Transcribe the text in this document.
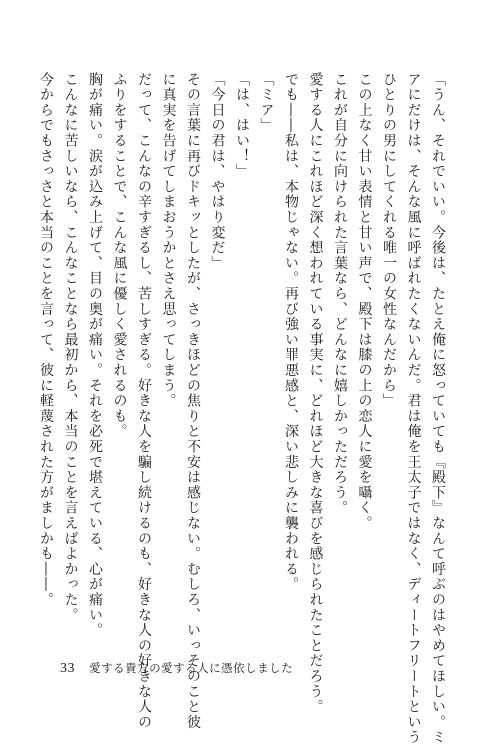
「うん、それでいい。今後は、たとえ俺に怒っていても『殿下』なんて呼ぶのはやめてほしい。ミ
アにだけは、そんな風に呼ばれたくないんだ。君は俺を王太子ではなく、ディートフリートという
ひとりの男にしてくれる唯一の女性なんだから」
この上なく甘い表情と甘い声で、殿下は膝の上の恋人に愛を囁く。
これが自分に向けられた言葉なら、どんなに嬉しかっただろう。
愛する人にこれほど深く想われている事実に、どれほど大きな喜びを感じられたことだろう。
でも――私は、本物じゃない。再び強い罪悪感と、深い悲しみに襲われる。
「ミア」
「は、はい！」
「今日の君は、やはり変だ」
その言葉に再びドキッとしたが、さっきほどの焦りと不安は感じない。むしろ、いっそのこと彼
に真実を告げてしまおうかとさえ思ってしまう。
だって、こんなの辛すぎるし、苦しすぎる。好きな人を騙し続けるのも、好きな人の好きな人の
ふりをすることで、こんな風に優しく愛されるのも。
胸が痛い。涙が込み上げて、目の奥が痛い。それを必死で堪えている、心が痛い。
こんなに苦しいなら、こんなことなら最初から、本当のことを言えばよかった。
今からでもさっさと本当のことを言って、彼に軽蔑された方がましかも――。
33 愛する貴方の愛する人に憑依しました
